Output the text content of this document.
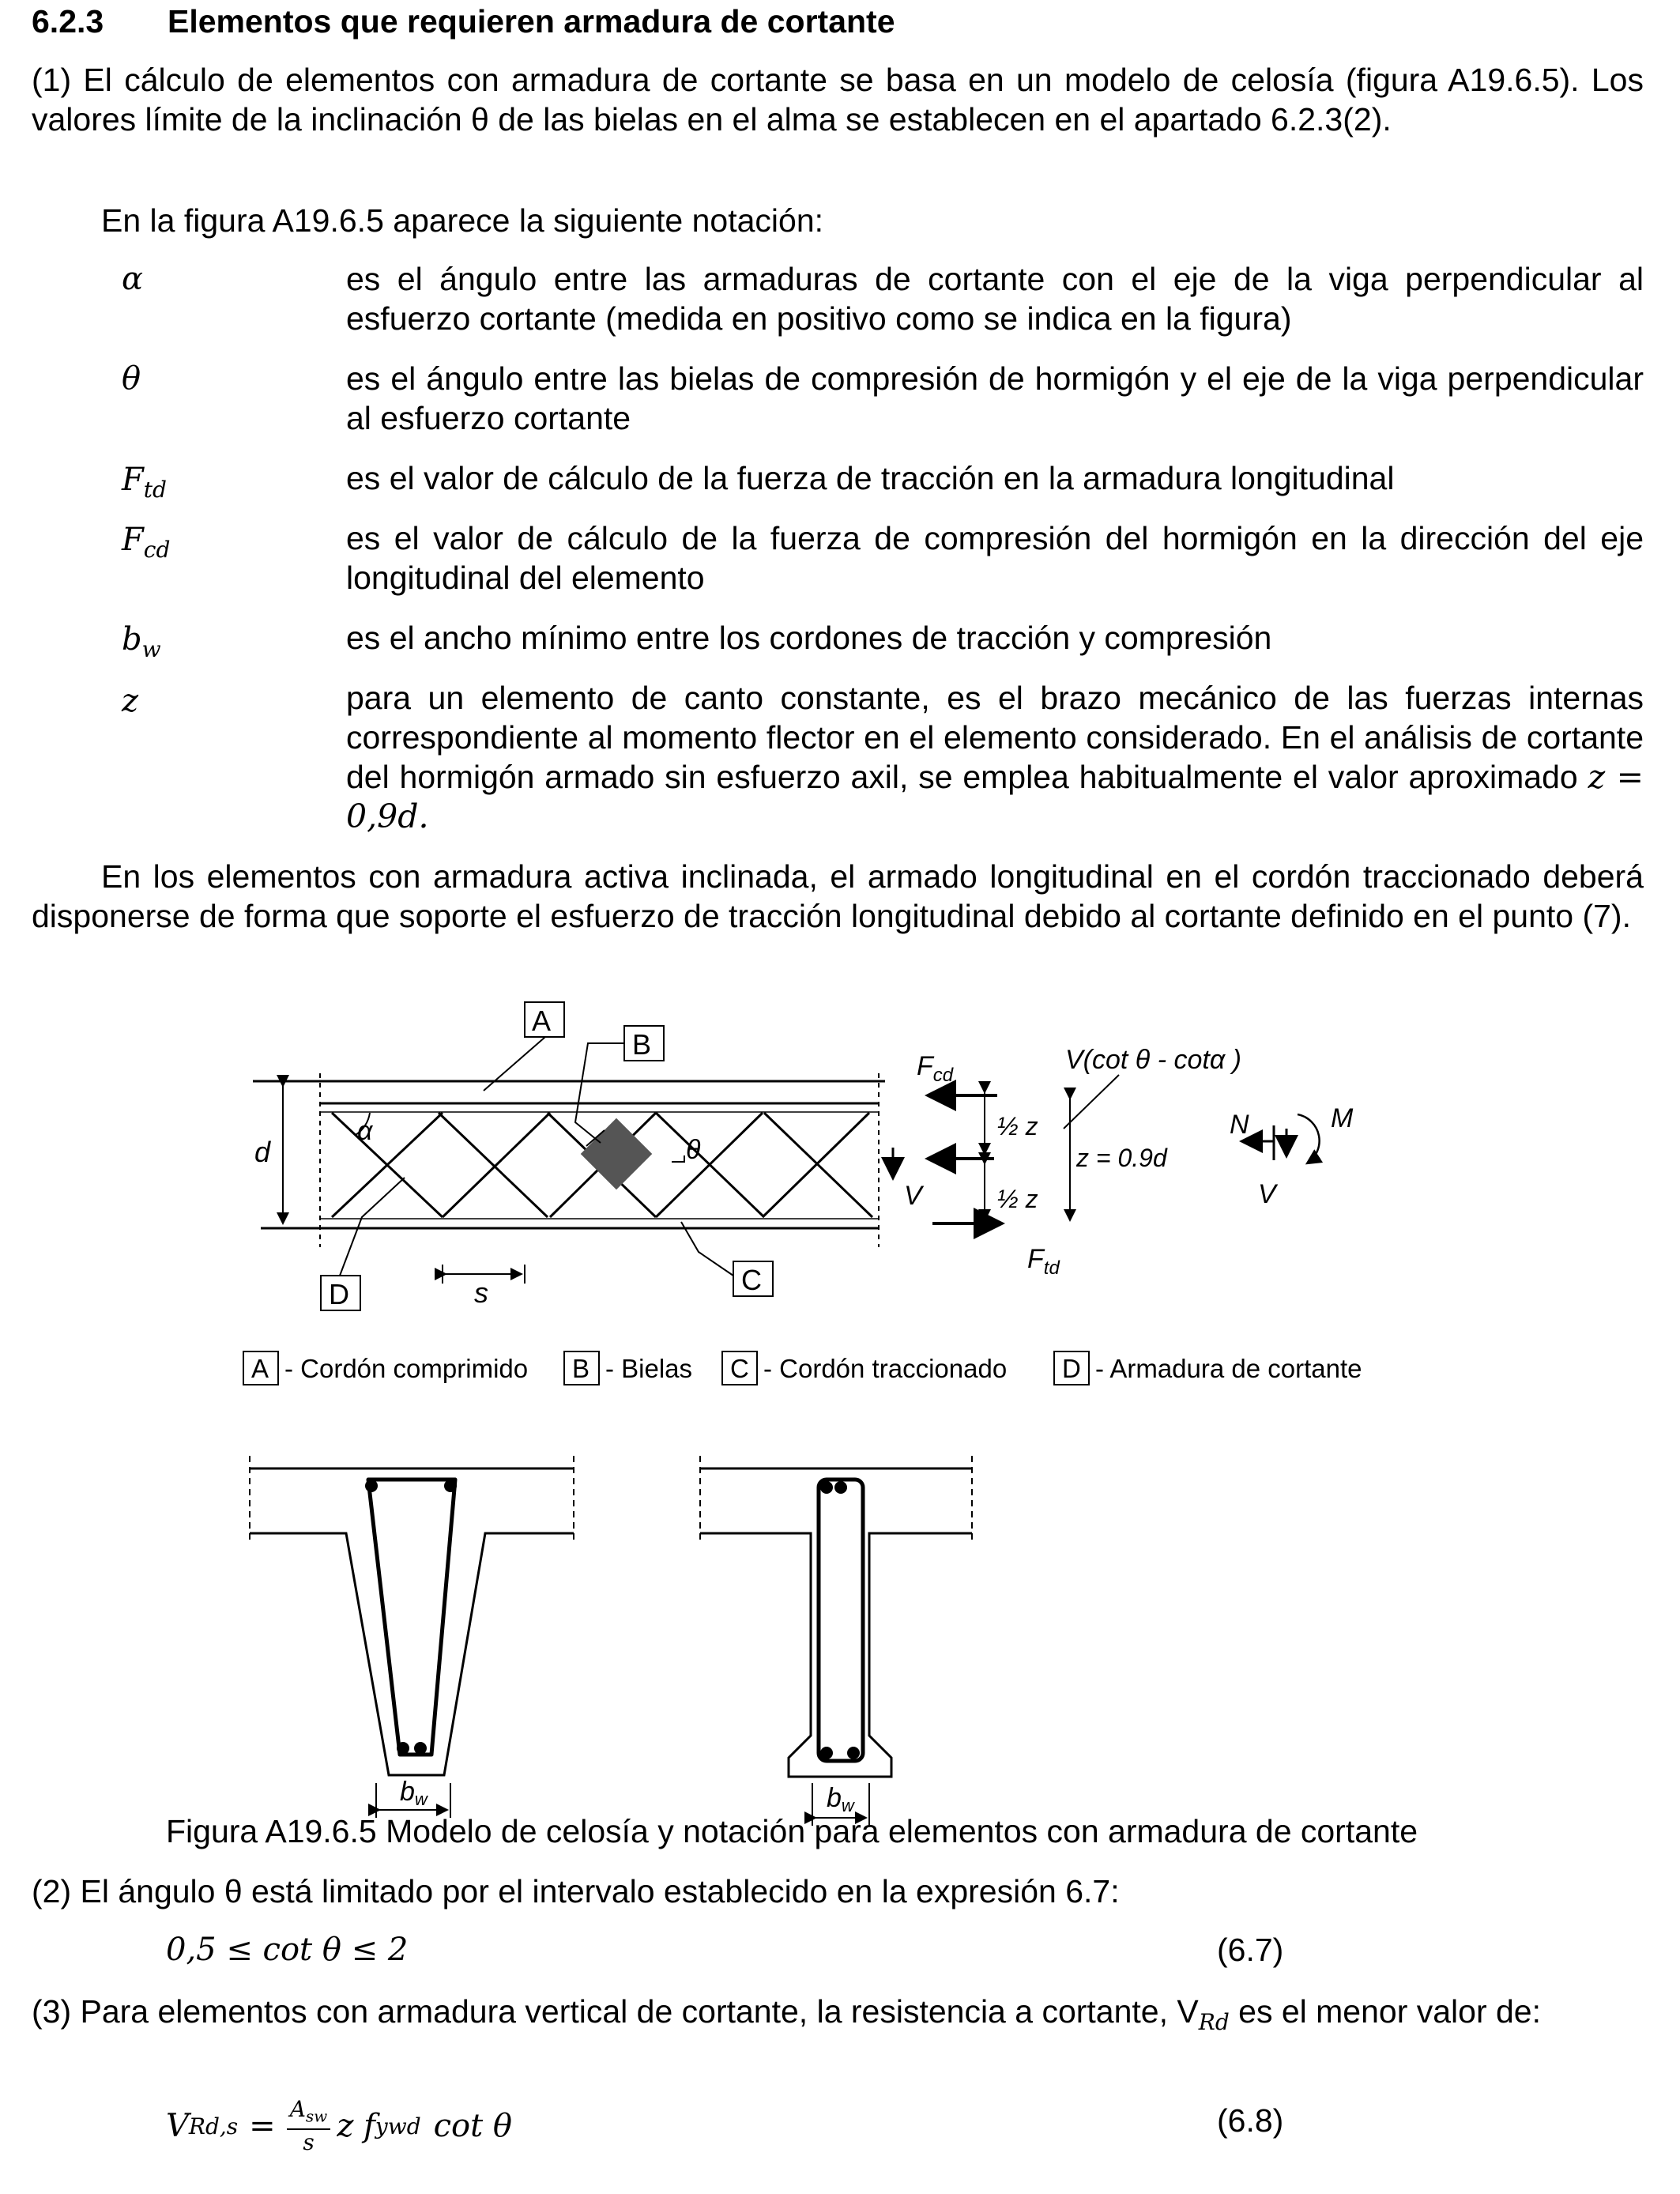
6.2.3 Elementos que requieren armadura de cortante
(1) El cálculo de elementos con armadura de cortante se basa en un modelo de celosía (figura A19.6.5). Los valores límite de la inclinación θ de las bielas en el alma se establecen en el apartado 6.2.3(2).
En la figura A19.6.5 aparece la siguiente notación:
α	es el ángulo entre las armaduras de cortante con el eje de la viga perpendicular al esfuerzo cortante (medida en positivo como se indica en la figura)
θ	es el ángulo entre las bielas de compresión de hormigón y el eje de la viga perpendicular al esfuerzo cortante
$F_{td}$	es el valor de cálculo de la fuerza de tracción en la armadura longitudinal
$F_{cd}$	es el valor de cálculo de la fuerza de compresión del hormigón en la dirección del eje longitudinal del elemento
$b_w$	es el ancho mínimo entre los cordones de tracción y compresión
z	para un elemento de canto constante, es el brazo mecánico de las fuerzas internas correspondiente al momento flector en el elemento considerado. En el análisis de cortante del hormigón armado sin esfuerzo axil, se emplea habitualmente el valor aproximado z = 0,9d.
En los elementos con armadura activa inclinada, el armado longitudinal en el cordón traccionado deberá disponerse de forma que soporte el esfuerzo de tracción longitudinal debido al cortante definido en el punto (7).
α
θ
d
s
A
B
C
D
V
$F_{cd}$
$F_{td}$
½ z
½ z
z = 0.9d
V(cot θ - cotα )
N	M
V
A - Cordón comprimido B - Bielas C - Cordón traccionado D - Armadura de cortante
bw	bw
Figura A19.6.5 Modelo de celosía y notación para elementos con armadura de cortante
(2) El ángulo θ está limitado por el intervalo establecido en la expresión 6.7:
0,5 ≤ cot θ ≤ 2	(6.7)
(3) Para elementos con armadura vertical de cortante, la resistencia a cortante, $V_{Rd}$ es el menor valor de:
V $Rd,s = A_{sw}$
s z f ywd cot θ	(6.8)
